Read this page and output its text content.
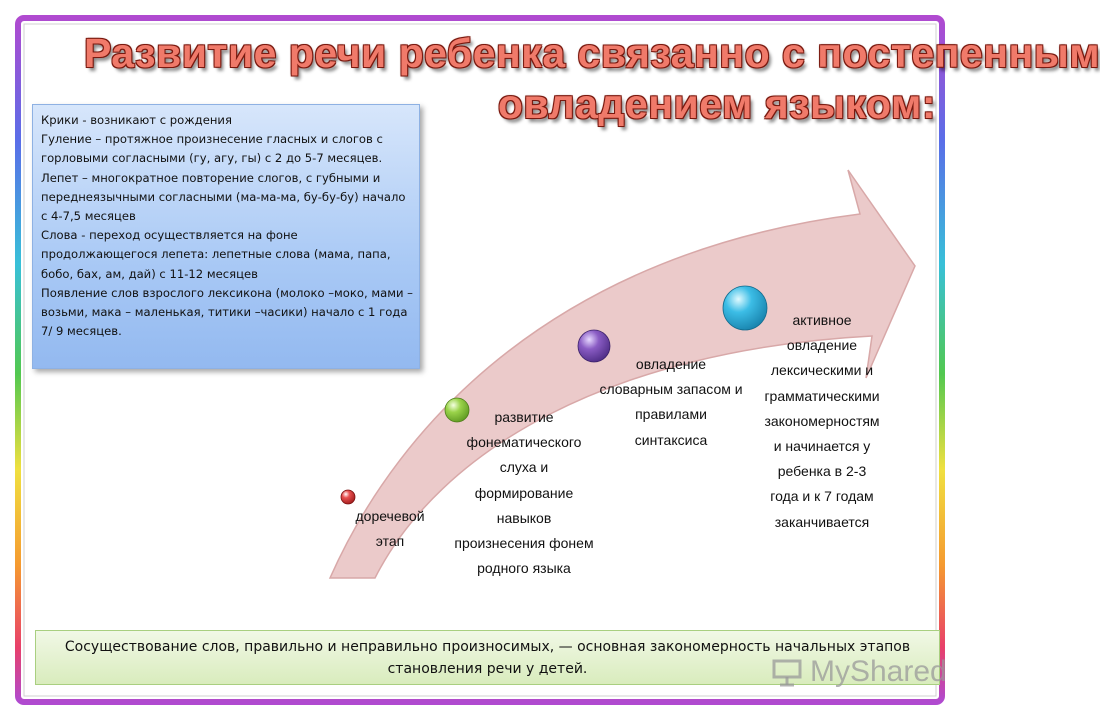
Развитие речи ребенка связанно с постепенным
овладением языком:
Крики - возникают с рождения
Гуление – протяжное произнесение гласных и слогов с горловыми согласными (гу, агу, гы) с 2 до 5-7 месяцев.
Лепет – многократное повторение слогов, с губными и переднеязычными согласными (ма-ма-ма, бу-бу-бу) начало с 4-7,5 месяцев
Слова - переход осуществляется на фоне продолжающегося лепета: лепетные слова (мама, папа, бобо, бах, ам, дай) с 11-12 месяцев
Появление слов взрослого лексикона (молоко –моко, мами – возьми, мака – маленькая, титики –часики) начало с 1 года 7/ 9 месяцев.
доречевой
этап
развитие
фонематического
слуха и
формирование
навыков
произнесения фонем
родного языка
овладение
словарным запасом и
правилами
синтаксиса
активное
овладение
лексическими и
грамматическими
закономерностям
и начинается у
ребенка в 2-3
года и к 7 годам
заканчивается
Сосуществование слов, правильно и неправильно произносимых, — основная закономерность начальных этапов становления речи у детей.	MyShared
